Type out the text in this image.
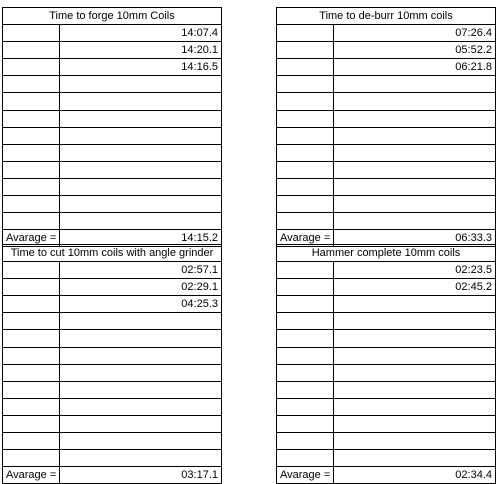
Time to forge 10mm Coils	
	14:07.4
	14:20.1
	14:16.5

Avarage =	14:15.2
Time to de-burr 10mm coils	
	07:26.4
	05:52.2
	06:21.8

Avarage =	06:33.3
Time to cut 10mm coils with angle grinder	
	02:57.1
	02:29.1
	04:25.3

Avarage =	03:17.1
Hammer complete 10mm coils	
	02:23.5
	02:45.2

Avarage =	02:34.4
